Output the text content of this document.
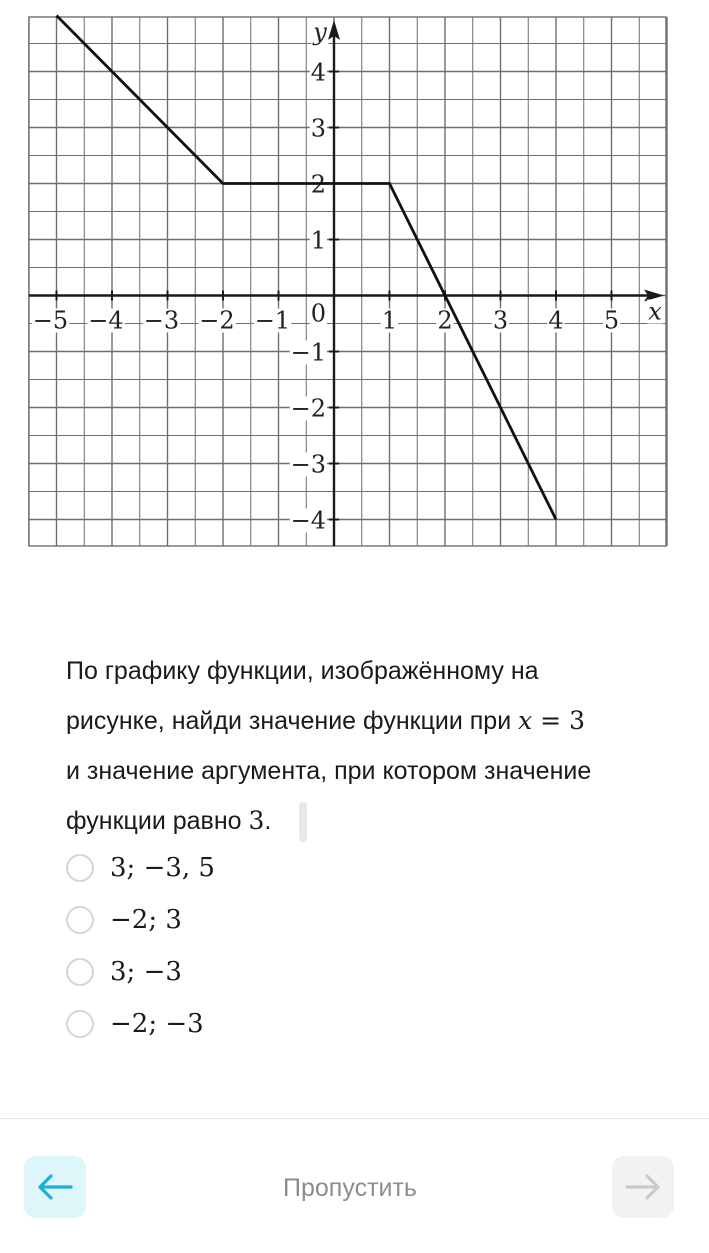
−5 −4 −3 −2 −1	1 2 3 4 5
4
3
2
1
−1
−2
−3
−4
0	x
y
По графику функции, изображённому на
рисунке, найди значение функции при x = 3
и значение аргумента, при котором значение
функции равно 3.
3; −3, 5
−2; 3
3; −3
−2; −3
Пропустить
